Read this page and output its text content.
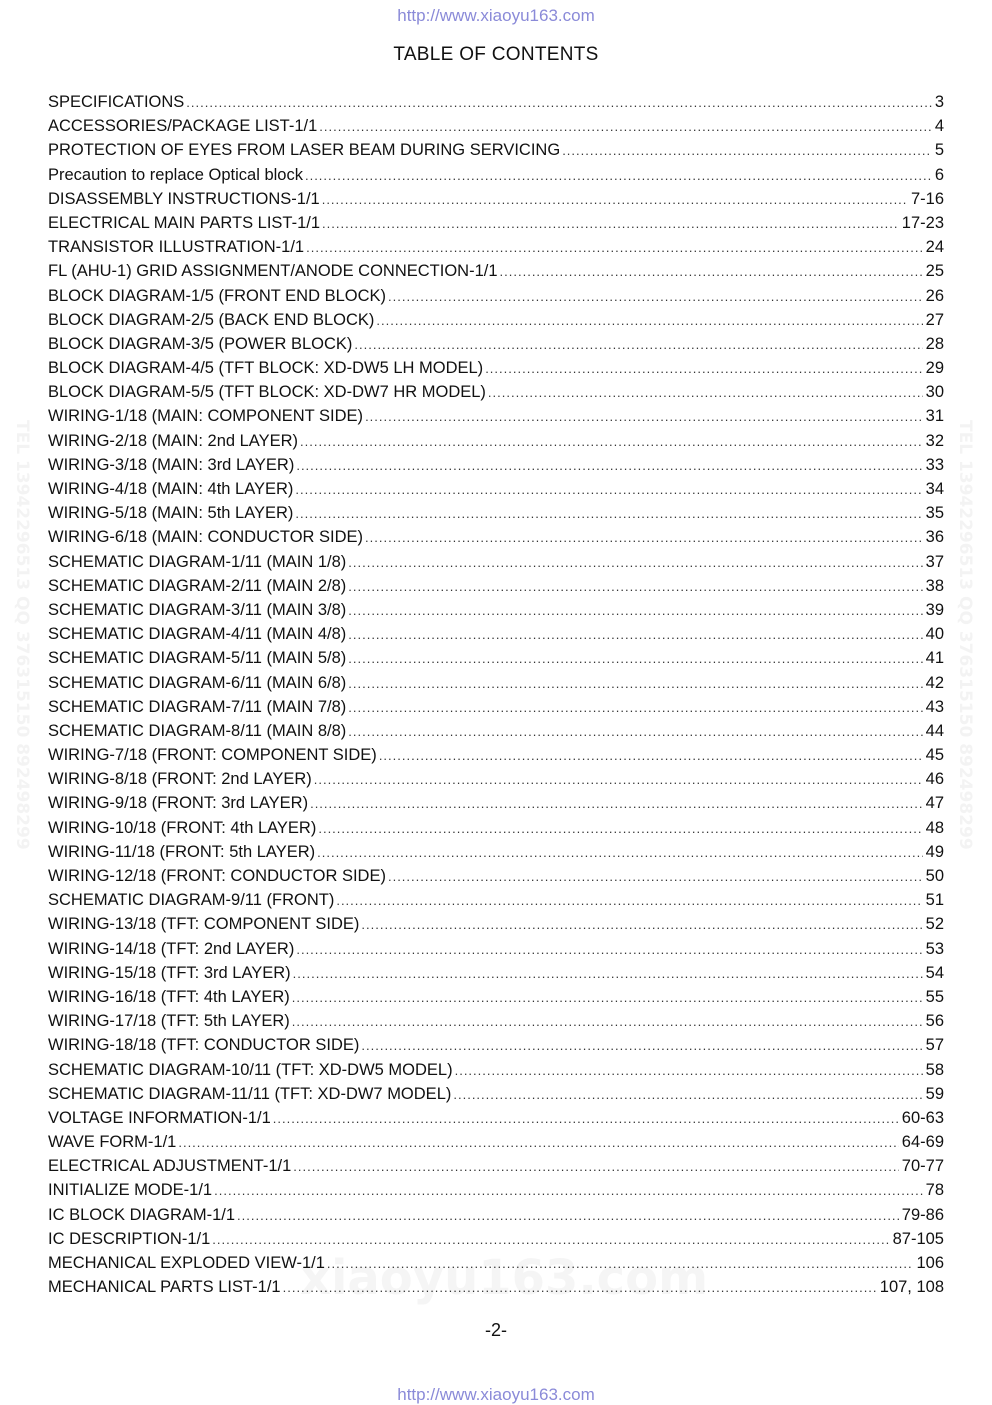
http://www.xiaoyu163.com
TEL 13942296513 QQ 376315150 892498299	TEL 13942296513 QQ 376315150 892498299
xiaoyu163.com
TABLE OF CONTENTS
SPECIFICATIONS .....	3
ACCESSORIES/PACKAGE LIST-1/1 .....	4
PROTECTION OF EYES FROM LASER BEAM DURING SERVICING .....	5
Precaution to replace Optical block .....	6
DISASSEMBLY INSTRUCTIONS-1/1 .....	7-16
ELECTRICAL MAIN PARTS LIST-1/1 .....	17-23
TRANSISTOR ILLUSTRATION-1/1 .....	24
FL (AHU-1) GRID ASSIGNMENT/ANODE CONNECTION-1/1 .....	25
BLOCK DIAGRAM-1/5 (FRONT END BLOCK) .....	26
BLOCK DIAGRAM-2/5 (BACK END BLOCK) .....	27
BLOCK DIAGRAM-3/5 (POWER BLOCK) .....	28
BLOCK DIAGRAM-4/5 (TFT BLOCK: XD-DW5 LH MODEL) .....	29
BLOCK DIAGRAM-5/5 (TFT BLOCK: XD-DW7 HR MODEL) .....	30
WIRING-1/18 (MAIN: COMPONENT SIDE) .....	31
WIRING-2/18 (MAIN: 2nd LAYER) .....	32
WIRING-3/18 (MAIN: 3rd LAYER) .....	33
WIRING-4/18 (MAIN: 4th LAYER) .....	34
WIRING-5/18 (MAIN: 5th LAYER) .....	35
WIRING-6/18 (MAIN: CONDUCTOR SIDE) .....	36
SCHEMATIC DIAGRAM-1/11 (MAIN 1/8) .....	37
SCHEMATIC DIAGRAM-2/11 (MAIN 2/8) .....	38
SCHEMATIC DIAGRAM-3/11 (MAIN 3/8) .....	39
SCHEMATIC DIAGRAM-4/11 (MAIN 4/8) .....	40
SCHEMATIC DIAGRAM-5/11 (MAIN 5/8) .....	41
SCHEMATIC DIAGRAM-6/11 (MAIN 6/8) .....	42
SCHEMATIC DIAGRAM-7/11 (MAIN 7/8) .....	43
SCHEMATIC DIAGRAM-8/11 (MAIN 8/8) .....	44
WIRING-7/18 (FRONT: COMPONENT SIDE) .....	45
WIRING-8/18 (FRONT: 2nd LAYER) .....	46
WIRING-9/18 (FRONT: 3rd LAYER) .....	47
WIRING-10/18 (FRONT: 4th LAYER) .....	48
WIRING-11/18 (FRONT: 5th LAYER) .....	49
WIRING-12/18 (FRONT: CONDUCTOR SIDE) .....	50
SCHEMATIC DIAGRAM-9/11 (FRONT) .....	51
WIRING-13/18 (TFT: COMPONENT SIDE) .....	52
WIRING-14/18 (TFT: 2nd LAYER) .....	53
WIRING-15/18 (TFT: 3rd LAYER) .....	54
WIRING-16/18 (TFT: 4th LAYER) .....	55
WIRING-17/18 (TFT: 5th LAYER) .....	56
WIRING-18/18 (TFT: CONDUCTOR SIDE) .....	57
SCHEMATIC DIAGRAM-10/11 (TFT: XD-DW5 MODEL) .....	58
SCHEMATIC DIAGRAM-11/11 (TFT: XD-DW7 MODEL) .....	59
VOLTAGE INFORMATION-1/1 .....	60-63
WAVE FORM-1/1 .....	64-69
ELECTRICAL ADJUSTMENT-1/1 .....	70-77
INITIALIZE MODE-1/1 .....	78
IC BLOCK DIAGRAM-1/1 .....	79-86
IC DESCRIPTION-1/1 .....	87-105
MECHANICAL EXPLODED VIEW-1/1 .....	106
MECHANICAL PARTS LIST-1/1 .....	107, 108
-2-
http://www.xiaoyu163.com
